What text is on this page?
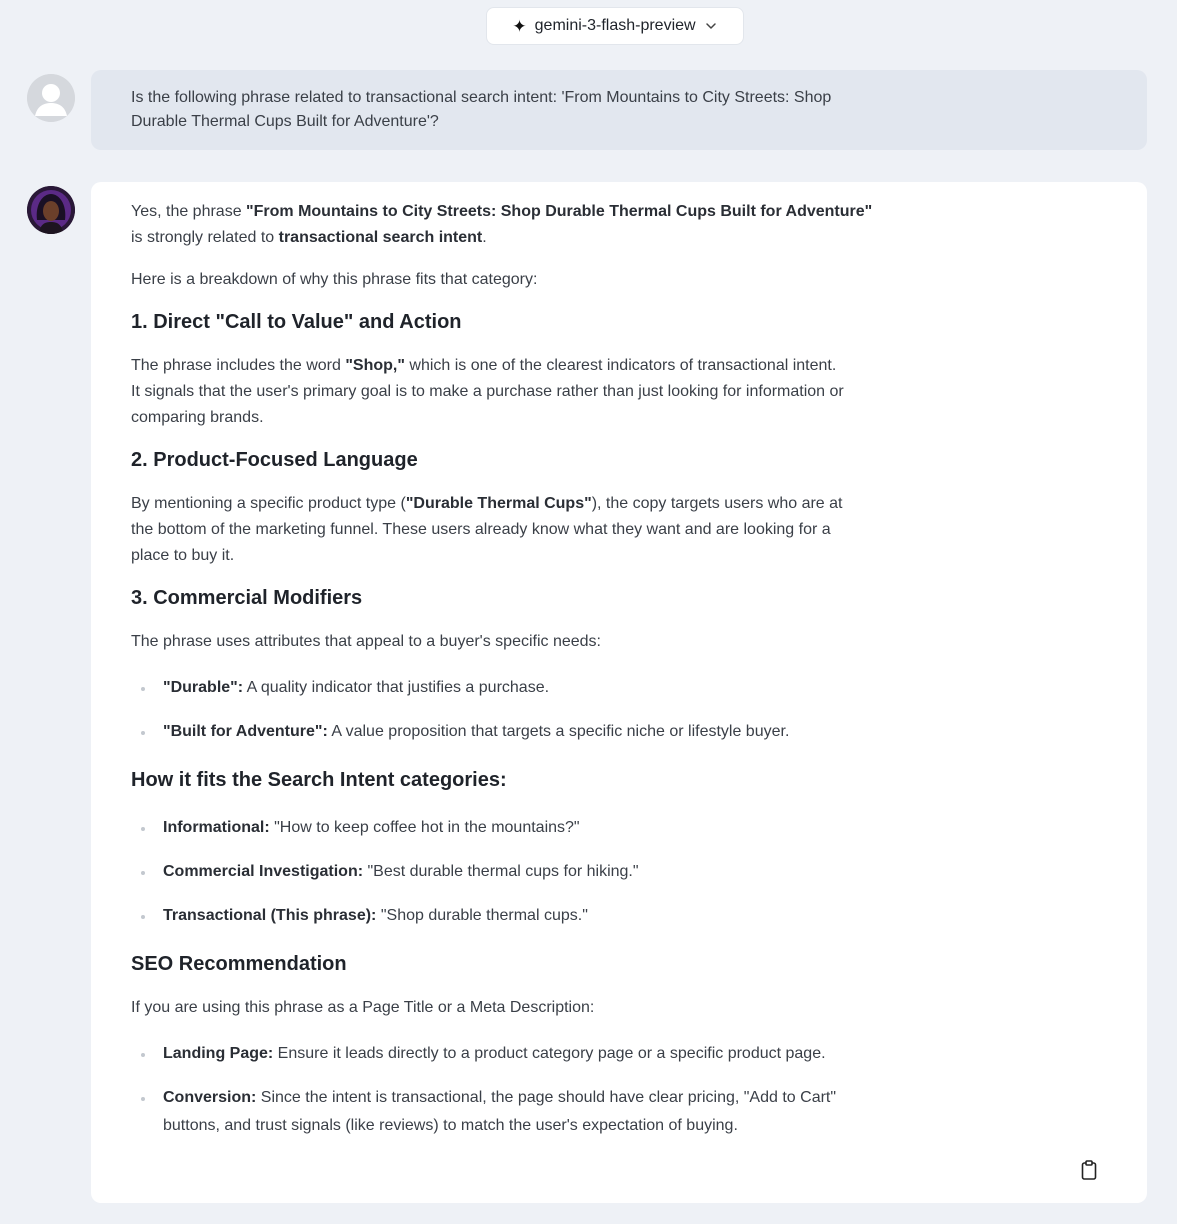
✦ gemini-3-flash-preview

Is the following phrase related to transactional search intent: 'From Mountains to City Streets: Shop
Durable Thermal Cups Built for Adventure'?

Yes, the phrase "From Mountains to City Streets: Shop Durable Thermal Cups Built for Adventure"

is strongly related to transactional search intent.

Here is a breakdown of why this phrase fits that category:

1. Direct "Call to Value" and Action

The phrase includes the word "Shop," which is one of the clearest indicators of transactional intent.

It signals that the user's primary goal is to make a purchase rather than just looking for information or

comparing brands.

2. Product-Focused Language

By mentioning a specific product type ("Durable Thermal Cups"), the copy targets users who are at

the bottom of the marketing funnel. These users already know what they want and are looking for a

place to buy it.

3. Commercial Modifiers

The phrase uses attributes that appeal to a buyer's specific needs:

"Durable": A quality indicator that justifies a purchase.
"Built for Adventure": A value proposition that targets a specific niche or lifestyle buyer.
How it fits the Search Intent categories:
Informational: "How to keep coffee hot in the mountains?"
Commercial Investigation: "Best durable thermal cups for hiking."
Transactional (This phrase): "Shop durable thermal cups."
SEO Recommendation

If you are using this phrase as a Page Title or a Meta Description:

Landing Page: Ensure it leads directly to a product category page or a specific product page.
Conversion: Since the intent is transactional, the page should have clear pricing, "Add to Cart"
buttons, and trust signals (like reviews) to match the user's expectation of buying.
